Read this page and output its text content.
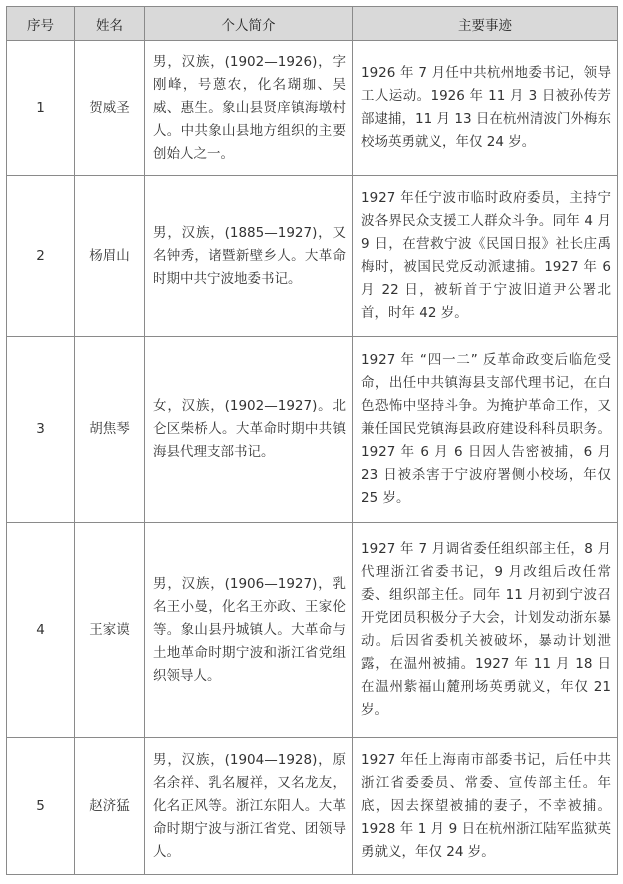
序号	姓名	个人简介	主要事迹
1	贺威圣	男，汉族，(1902—1926)，字刚峰，号蒽农，化名瑚珈、吴威、惠生。象山县贤庠镇海墩村人。中共象山县地方组织的主要创始人之一。	1926 年 7 月任中共杭州地委书记，领导工人运动。1926 年 11 月 3 日被孙传芳部逮捕，11 月 13 日在杭州清波门外梅东校场英勇就义，年仅 24 岁。
2	杨眉山	男，汉族，(1885—1927)，又名钟秀，诸暨新壁乡人。大革命时期中共宁波地委书记。	1927 年任宁波市临时政府委员，主持宁波各界民众支援工人群众斗争。同年 4 月 9 日，在营救宁波《民国日报》社长庄禹梅时，被国民党反动派逮捕。1927 年 6 月 22 日，被斩首于宁波旧道尹公署北首，时年 42 岁。
3	胡焦琴	女，汉族，(1902—1927)。北仑区柴桥人。大革命时期中共镇海县代理支部书记。	1927 年 “四一二” 反革命政变后临危受命，出任中共镇海县支部代理书记，在白色恐怖中坚持斗争。为掩护革命工作，又兼任国民党镇海县政府建设科科员职务。1927 年 6 月 6 日因人告密被捕，6 月 23 日被杀害于宁波府署侧小校场，年仅 25 岁。
4	王家谟	男，汉族，(1906—1927)，乳名王小曼，化名王亦政、王家伦等。象山县丹城镇人。大革命与土地革命时期宁波和浙江省党组织领导人。	1927 年 7 月调省委任组织部主任，8 月代理浙江省委书记，9 月改组后改任常委、组织部主任。同年 11 月初到宁波召开党团员积极分子大会，计划发动浙东暴动。后因省委机关被破坏，暴动计划泄露，在温州被捕。1927 年 11 月 18 日在温州紫福山麓刑场英勇就义，年仅 21 岁。
5	赵济猛	男，汉族，(1904—1928)，原名余祥、乳名履祥，又名龙友，化名正风等。浙江东阳人。大革命时期宁波与浙江省党、团领导人。	1927 年任上海南市部委书记，后任中共浙江省委委员、常委、宣传部主任。年底，因去探望被捕的妻子，不幸被捕。1928 年 1 月 9 日在杭州浙江陆军监狱英勇就义，年仅 24 岁。
